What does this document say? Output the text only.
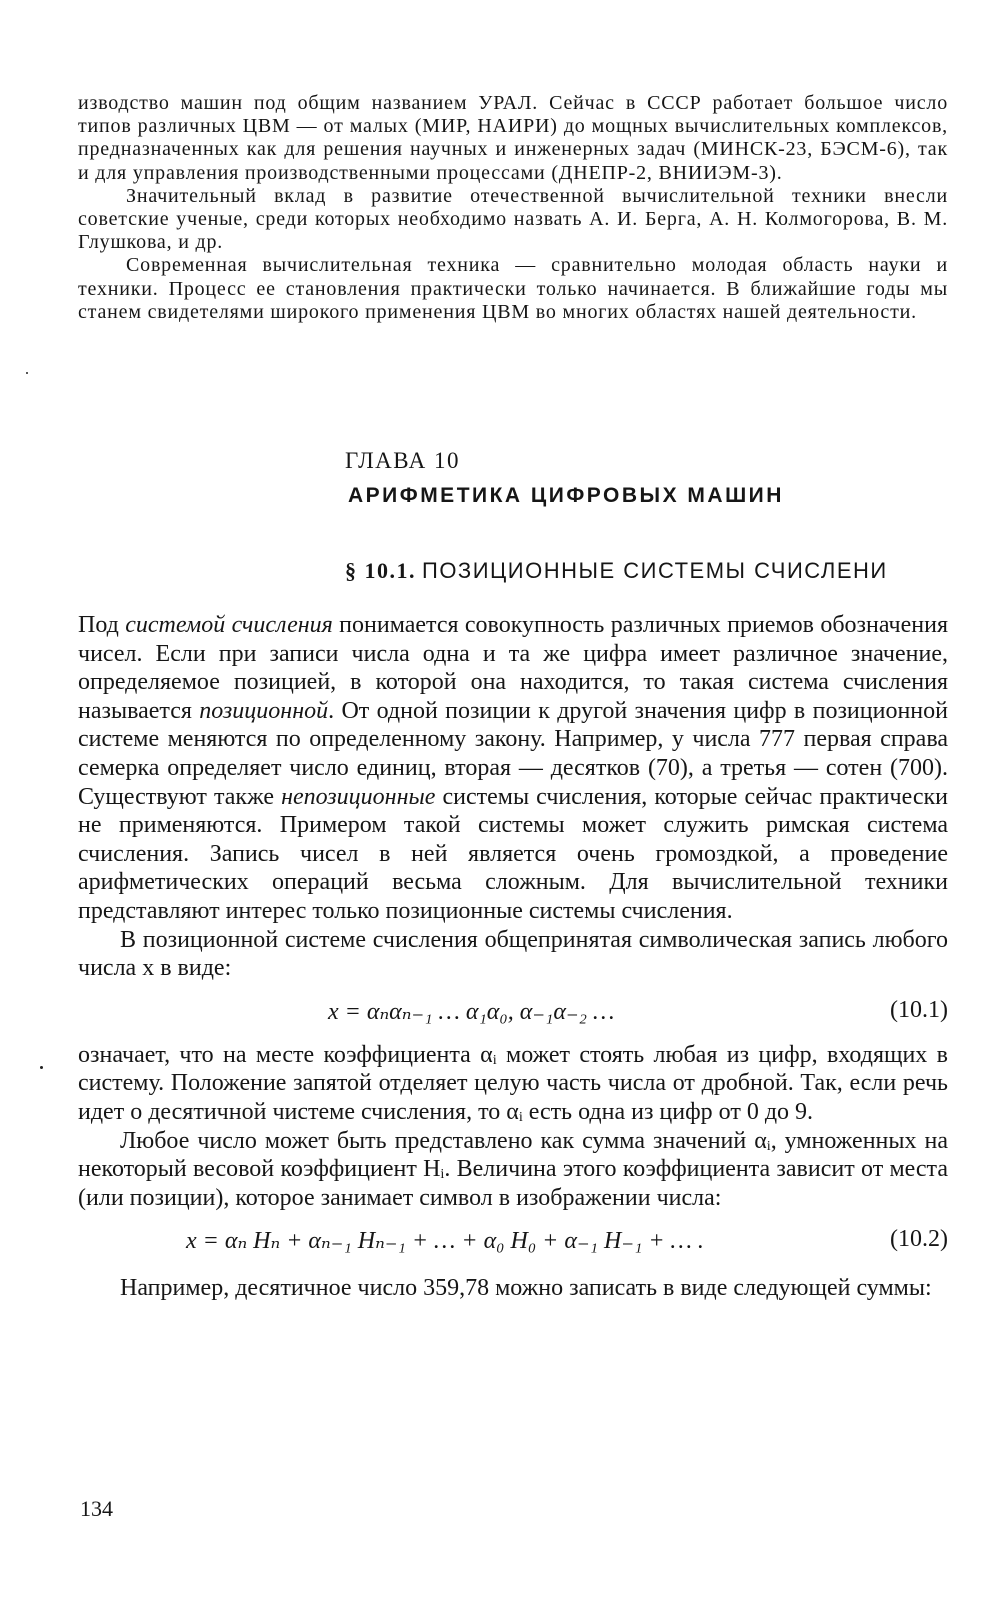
изводство машин под общим названием УРАЛ. Сейчас в СССР работает большое число типов различных ЦВМ — от малых (МИР, НАИРИ) до мощных вычислительных комплексов, предназначенных как для решения научных и инженерных задач (МИНСК-23, БЭСМ-6), так и для управления производственными процессами (ДНЕПР-2, ВНИИЭМ-3).

Значительный вклад в развитие отечественной вычислительной техники внесли советские ученые, среди которых необходимо назвать А. И. Берга, А. Н. Колмогорова, В. М. Глушкова, и др.

Современная вычислительная техника — сравнительно молодая область науки и техники. Процесс ее становления практически только начинается. В ближайшие годы мы станем свидетелями широкого применения ЦВМ во многих областях нашей деятельности.

ГЛАВА 10
АРИФМЕТИКА ЦИФРОВЫХ МАШИН
§ 10.1. ПОЗИЦИОННЫЕ СИСТЕМЫ СЧИСЛЕНИ

Под системой счисления понимается совокупность различных приемов обозначения чисел. Если при записи числа одна и та же цифра имеет различное значение, определяемое позицией, в которой она находится, то такая система счисления называется позиционной. От одной позиции к другой значения цифр в позиционной системе меняются по определенному закону. Например, у числа 777 первая справа семерка определяет число единиц, вторая — десятков (70), а третья — сотен (700). Существуют также непозиционные системы счисления, которые сейчас практически не применяются. Примером такой системы может служить римская система счисления. Запись чисел в ней является очень громоздкой, а проведение арифметических операций весьма сложным. Для вычислительной техники представляют интерес только позиционные системы счисления.

В позиционной системе счисления общепринятая символическая запись любого числа x в виде:

x = αₙαₙ₋₁ … α₁α₀, α₋₁α₋₂ …	(10.1)

означает, что на месте коэффициента αᵢ может стоять любая из цифр, входящих в систему. Положение запятой отделяет целую часть числа от дробной. Так, если речь идет о десятичной чистеме счисления, то αᵢ есть одна из цифр от 0 до 9.

Любое число может быть представлено как сумма значений αᵢ, умноженных на некоторый весовой коэффициент Hᵢ. Величина этого коэффициента зависит от места (или позиции), которое занимает символ в изображении числа:

x = αₙ Hₙ + αₙ₋₁ Hₙ₋₁ + … + α₀ H₀ + α₋₁ H₋₁ + … .	(10.2)

Например, десятичное число 359,78 можно записать в виде следующей суммы:

134
